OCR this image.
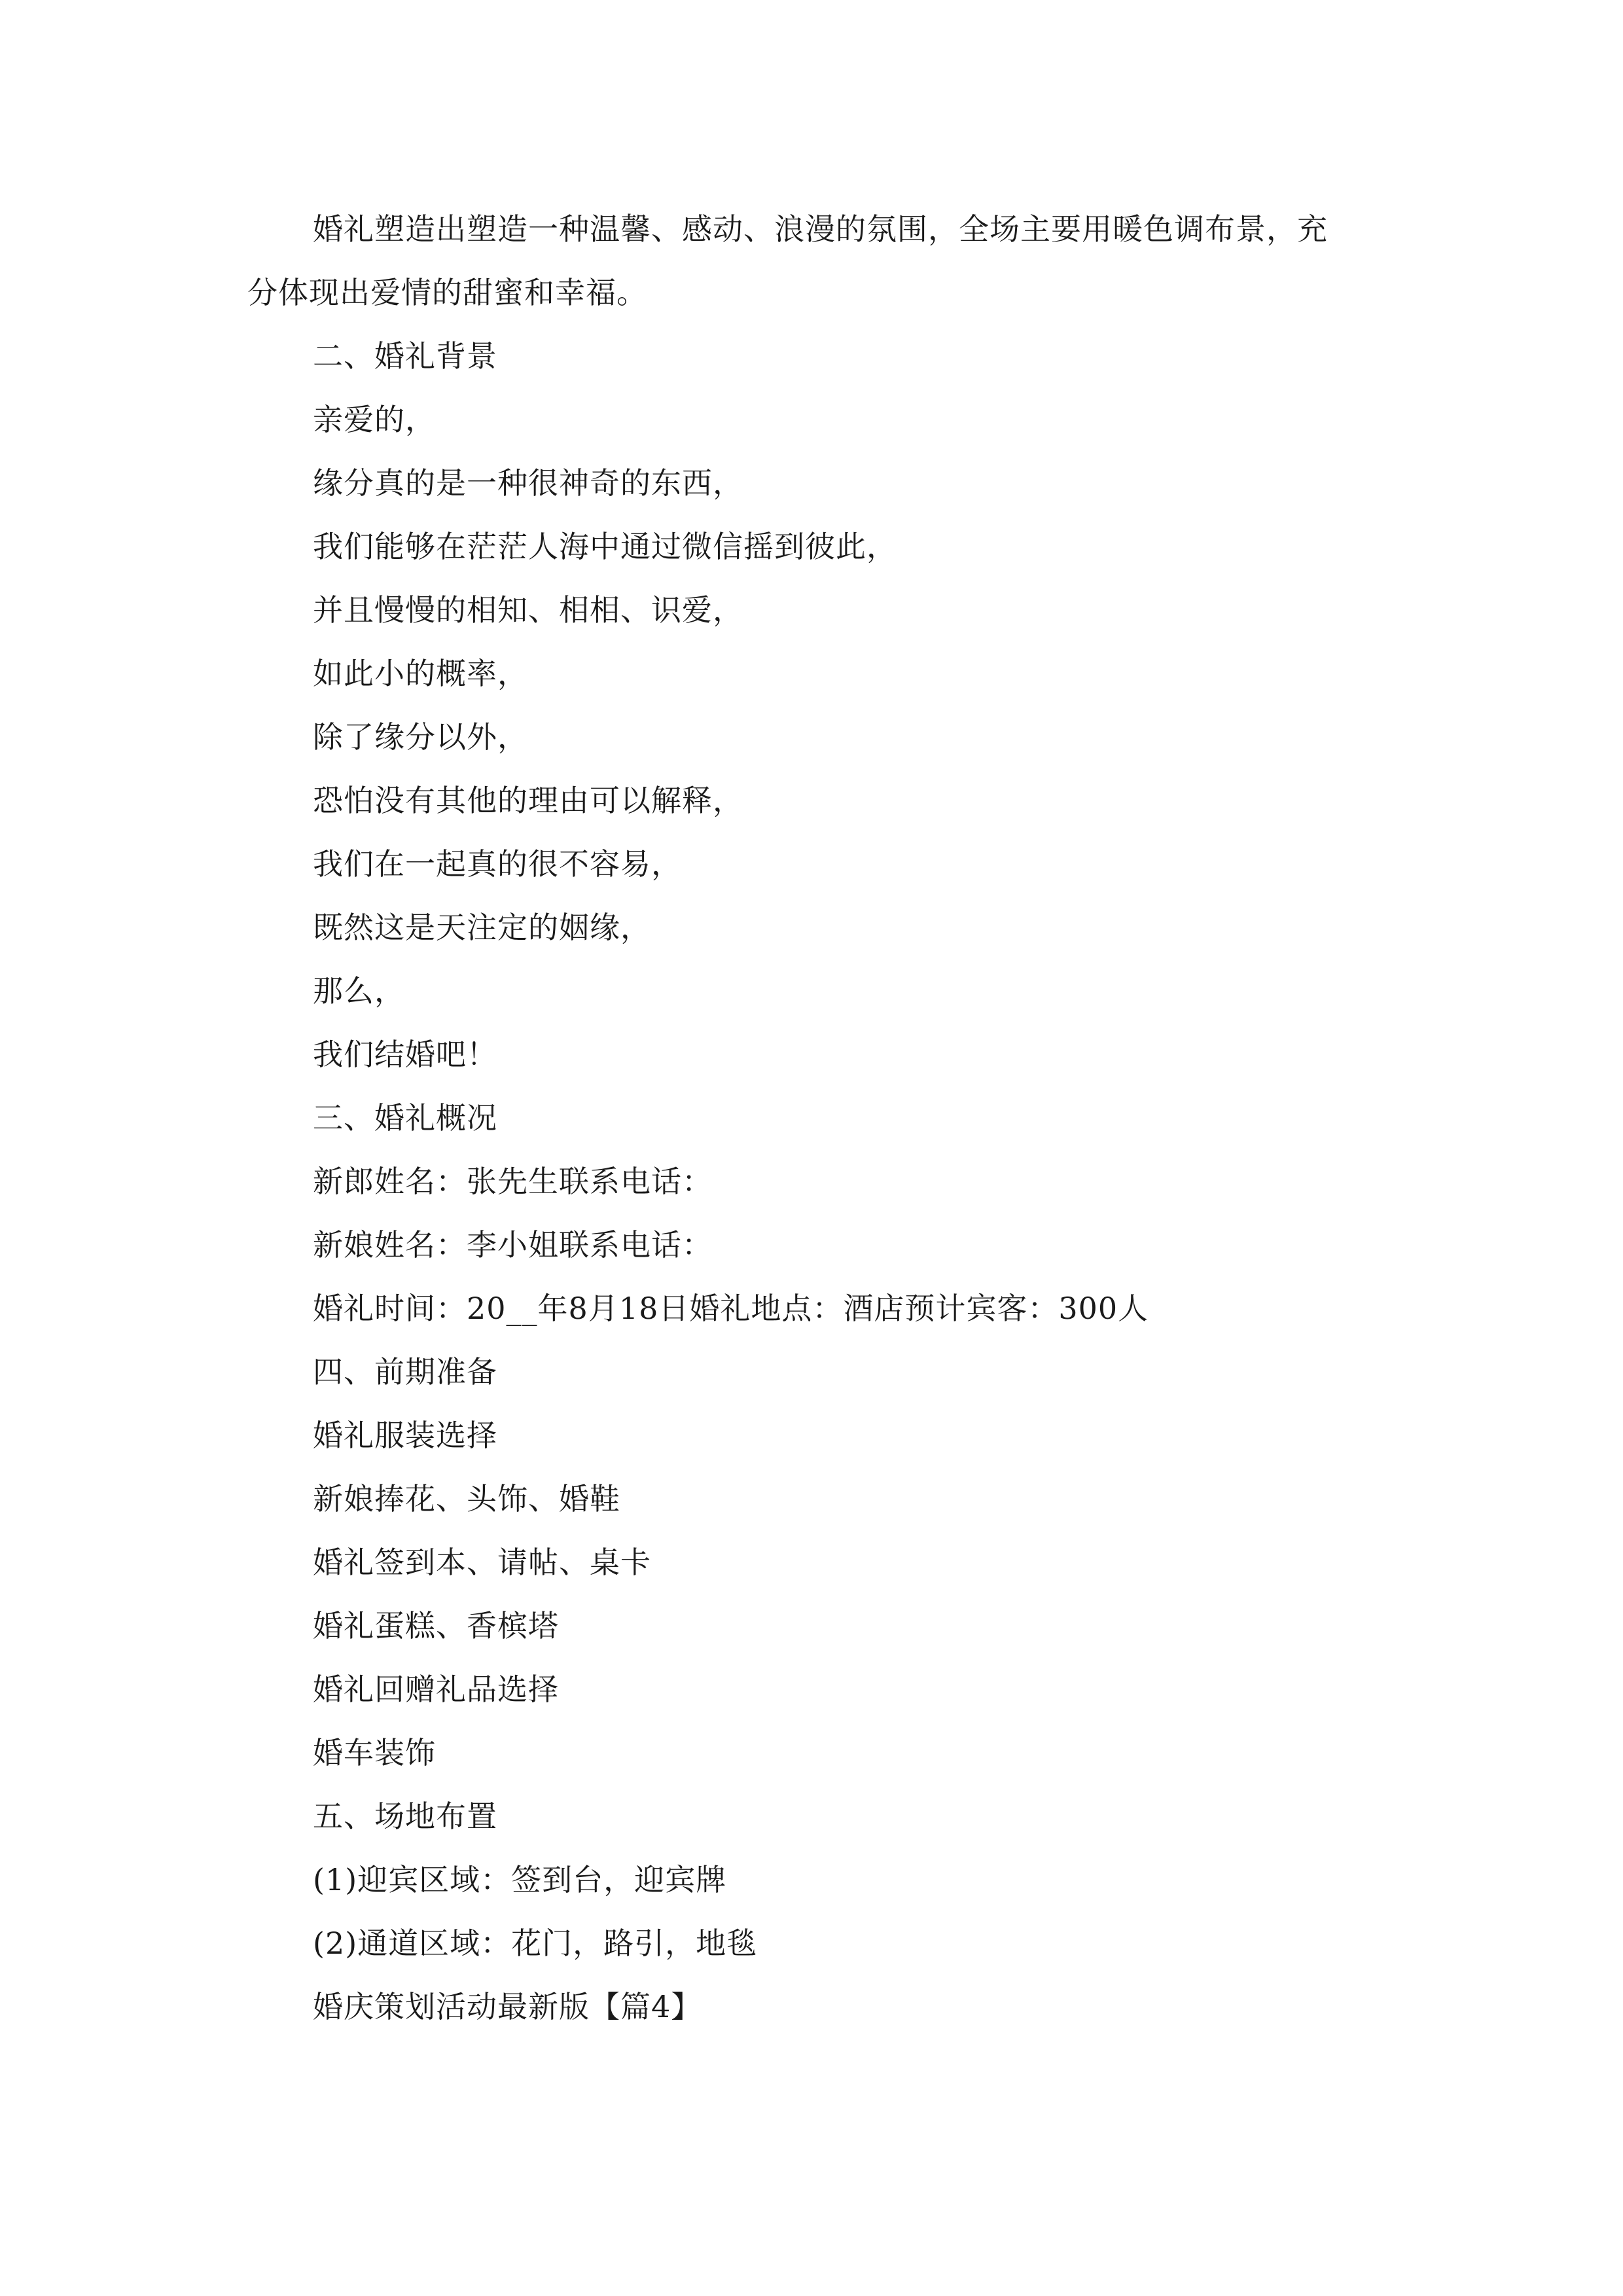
婚礼塑造出塑造一种温馨、感动、浪漫的氛围，全场主要用暖色调布景，充
分体现出爱情的甜蜜和幸福。
二、婚礼背景
亲爱的，
缘分真的是一种很神奇的东西，
我们能够在茫茫人海中通过微信摇到彼此，
并且慢慢的相知、相相、识爱，
如此小的概率，
除了缘分以外，
恐怕没有其他的理由可以解释，
我们在一起真的很不容易，
既然这是天注定的姻缘，
那么，
我们结婚吧！
三、婚礼概况
新郎姓名：张先生联系电话：
新娘姓名：李小姐联系电话：
婚礼时间：20__年8月18日婚礼地点：酒店预计宾客：300人
四、前期准备
婚礼服装选择
新娘捧花、头饰、婚鞋
婚礼签到本、请帖、桌卡
婚礼蛋糕、香槟塔
婚礼回赠礼品选择
婚车装饰
五、场地布置
(1)迎宾区域：签到台，迎宾牌
(2)通道区域：花门，路引，地毯
婚庆策划活动最新版【篇4】
